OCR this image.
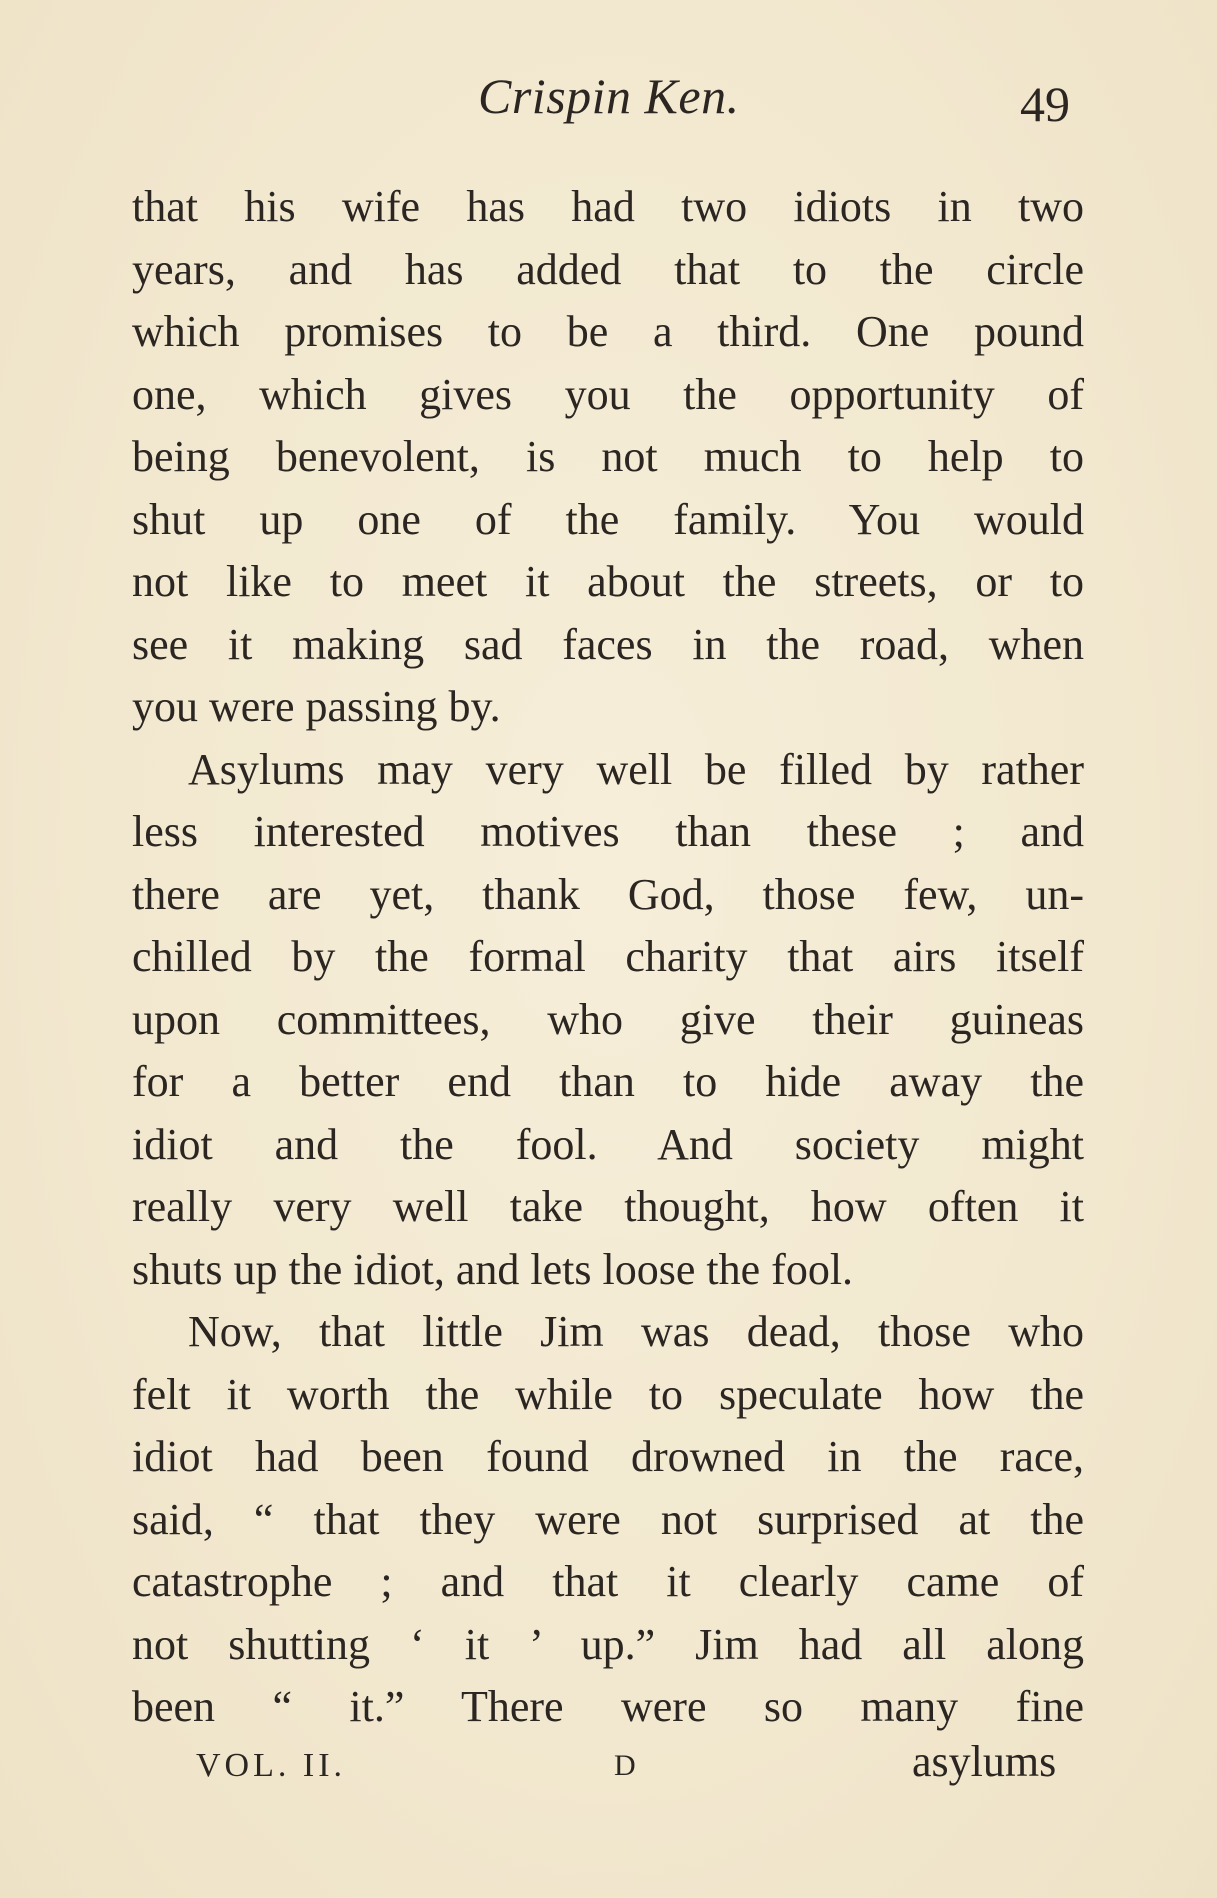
Crispin Ken.	49
that his wife has had two idiots in two
years, and has added that to the circle
which promises to be a third. One pound
one, which gives you the opportunity of
being benevolent, is not much to help to
shut up one of the family. You would
not like to meet it about the streets, or to
see it making sad faces in the road, when
you were passing by.
Asylums may very well be filled by rather
less interested motives than these ; and
there are yet, thank God, those few, un-
chilled by the formal charity that airs itself
upon committees, who give their guineas
for a better end than to hide away the
idiot and the fool. And society might
really very well take thought, how often it
shuts up the idiot, and lets loose the fool.
Now, that little Jim was dead, those who
felt it worth the while to speculate how the
idiot had been found drowned in the race,
said, “ that they were not surprised at the
catastrophe ; and that it clearly came of
not shutting ‘ it ’ up.” Jim had all along
been “ it.” There were so many fine
VOL. II.	D	asylums
